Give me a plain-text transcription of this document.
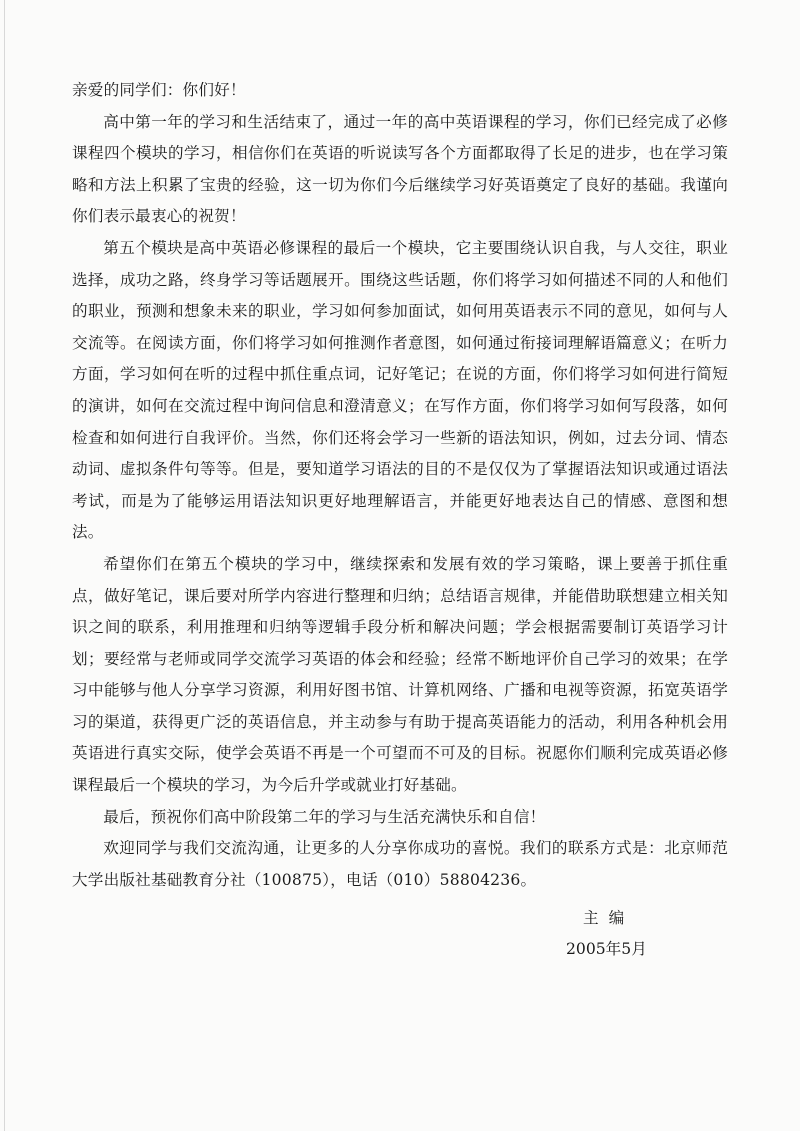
亲爱的同学们：你们好！

高中第一年的学习和生活结束了，通过一年的高中英语课程的学习，你们已经完成了必修课程四个模块的学习，相信你们在英语的听说读写各个方面都取得了长足的进步，也在学习策略和方法上积累了宝贵的经验，这一切为你们今后继续学习好英语奠定了良好的基础。我谨向你们表示最衷心的祝贺！

第五个模块是高中英语必修课程的最后一个模块，它主要围绕认识自我，与人交往，职业选择，成功之路，终身学习等话题展开。围绕这些话题，你们将学习如何描述不同的人和他们的职业，预测和想象未来的职业，学习如何参加面试，如何用英语表示不同的意见，如何与人交流等。在阅读方面，你们将学习如何推测作者意图，如何通过衔接词理解语篇意义；在听力方面，学习如何在听的过程中抓住重点词，记好笔记；在说的方面，你们将学习如何进行简短的演讲，如何在交流过程中询问信息和澄清意义；在写作方面，你们将学习如何写段落，如何检查和如何进行自我评价。当然，你们还将会学习一些新的语法知识，例如，过去分词、情态动词、虚拟条件句等等。但是，要知道学习语法的目的不是仅仅为了掌握语法知识或通过语法考试，而是为了能够运用语法知识更好地理解语言，并能更好地表达自己的情感、意图和想法。

希望你们在第五个模块的学习中，继续探索和发展有效的学习策略，课上要善于抓住重点，做好笔记，课后要对所学内容进行整理和归纳；总结语言规律，并能借助联想建立相关知识之间的联系，利用推理和归纳等逻辑手段分析和解决问题；学会根据需要制订英语学习计划；要经常与老师或同学交流学习英语的体会和经验；经常不断地评价自己学习的效果；在学习中能够与他人分享学习资源，利用好图书馆、计算机网络、广播和电视等资源，拓宽英语学习的渠道，获得更广泛的英语信息，并主动参与有助于提高英语能力的活动，利用各种机会用英语进行真实交际，使学会英语不再是一个可望而不可及的目标。祝愿你们顺利完成英语必修课程最后一个模块的学习，为今后升学或就业打好基础。

最后，预祝你们高中阶段第二年的学习与生活充满快乐和自信！

欢迎同学与我们交流沟通，让更多的人分享你成功的喜悦。我们的联系方式是：北京师范大学出版社基础教育分社（100875），电话（010）58804236。

主编
2005年5月
